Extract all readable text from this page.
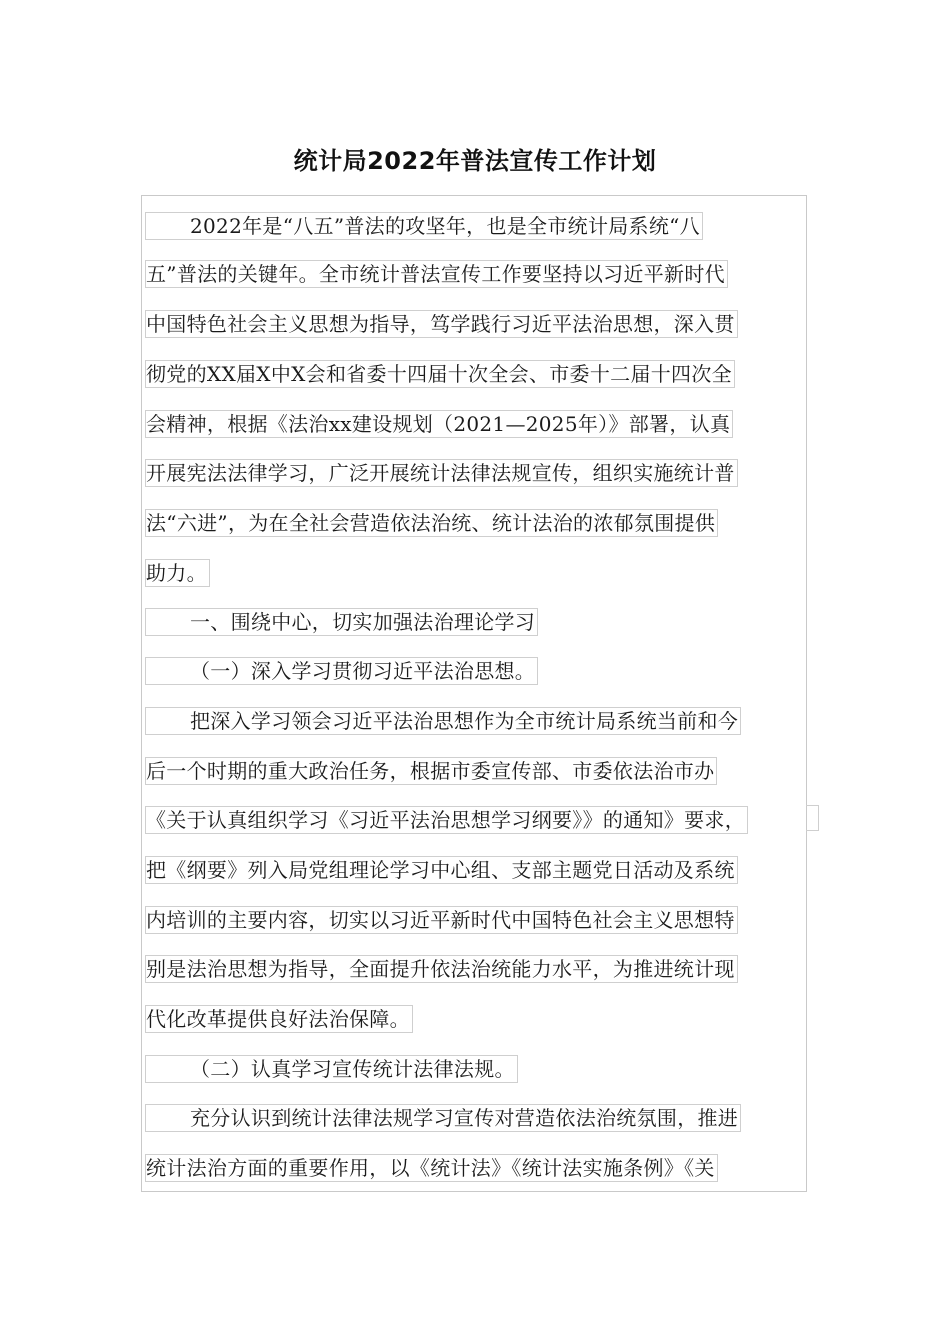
统计局2022年普法宣传工作计划
2022年是“八五”普法的攻坚年，也是全市统计局系统“八
五”普法的关键年。全市统计普法宣传工作要坚持以习近平新时代
中国特色社会主义思想为指导，笃学践行习近平法治思想，深入贯
彻党的XX届X中X会和省委十四届十次全会、市委十二届十四次全
会精神，根据《法治xx建设规划（2021—2025年）》部署，认真
开展宪法法律学习，广泛开展统计法律法规宣传，组织实施统计普
法“六进”，为在全社会营造依法治统、统计法治的浓郁氛围提供
助力。
一、围绕中心，切实加强法治理论学习
（一）深入学习贯彻习近平法治思想。
把深入学习领会习近平法治思想作为全市统计局系统当前和今
后一个时期的重大政治任务，根据市委宣传部、市委依法治市办
《关于认真组织学习《习近平法治思想学习纲要》》的通知》要求，
把《纲要》列入局党组理论学习中心组、支部主题党日活动及系统
内培训的主要内容，切实以习近平新时代中国特色社会主义思想特
别是法治思想为指导，全面提升依法治统能力水平，为推进统计现
代化改革提供良好法治保障。
（二）认真学习宣传统计法律法规。
充分认识到统计法律法规学习宣传对营造依法治统氛围，推进
统计法治方面的重要作用，以《统计法》《统计法实施条例》《关
